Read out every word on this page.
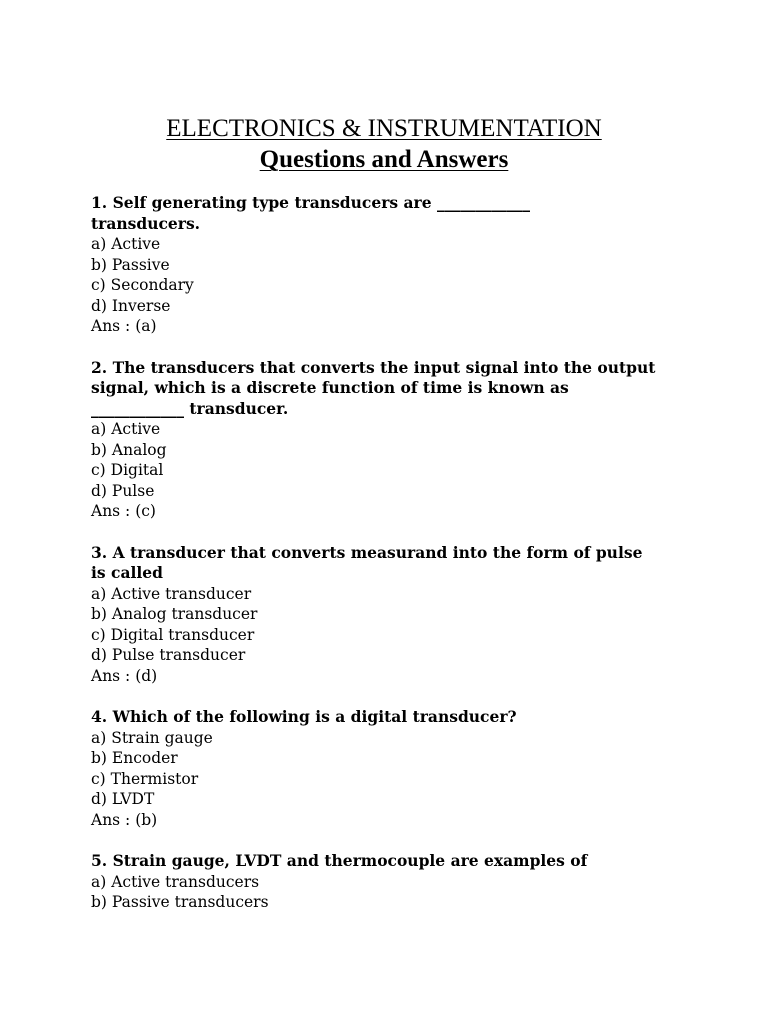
ELECTRONICS & INSTRUMENTATION
Questions and Answers
1. Self generating type transducers are ____________
transducers.
a) Active
b) Passive
c) Secondary
d) Inverse
Ans : (a)
2. The transducers that converts the input signal into the output
signal, which is a discrete function of time is known as
____________ transducer.
a) Active
b) Analog
c) Digital
d) Pulse
Ans : (c)
3. A transducer that converts measurand into the form of pulse
is called
a) Active transducer
b) Analog transducer
c) Digital transducer
d) Pulse transducer
Ans : (d)
4. Which of the following is a digital transducer?
a) Strain gauge
b) Encoder
c) Thermistor
d) LVDT
Ans : (b)
5. Strain gauge, LVDT and thermocouple are examples of
a) Active transducers
b) Passive transducers
